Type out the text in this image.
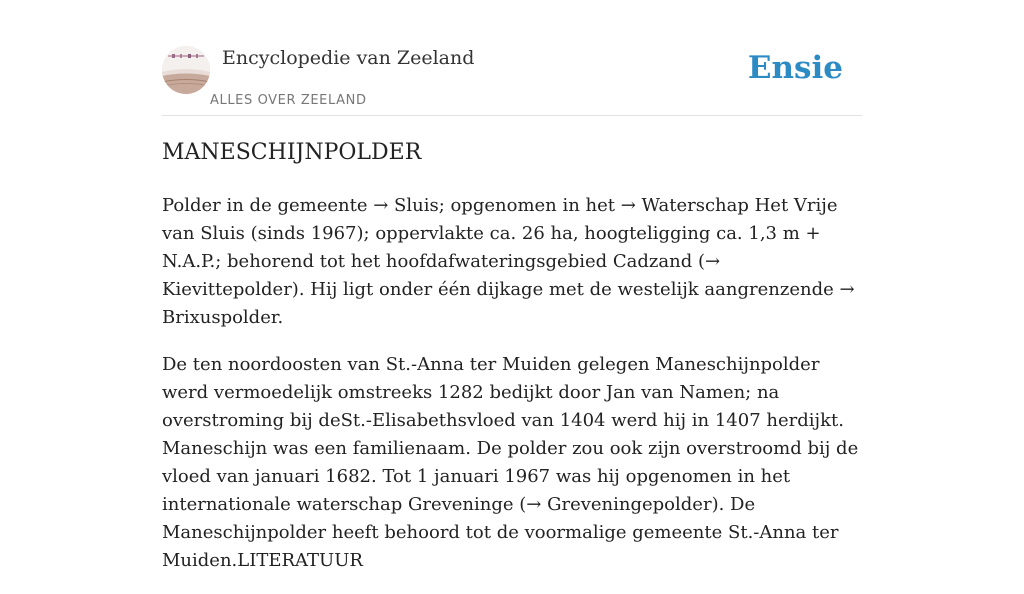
Encyclopedie van Zeeland
ALLES OVER ZEELAND
Ensie
MANESCHIJNPOLDER

Polder in de gemeente → Sluis; opgenomen in het → Waterschap Het Vrije van Sluis (sinds 1967); oppervlakte ca. 26 ha, hoogteligging ca. 1,3 m + N.A.P.; behorend tot het hoofdafwateringsgebied Cadzand (→ Kievittepolder). Hij ligt onder één dijkage met de westelijk aangrenzende → Brixuspolder.

De ten noordoosten van St.-Anna ter Muiden gelegen Maneschijnpolder werd vermoedelijk omstreeks 1282 bedijkt door Jan van Namen; na overstroming bij deSt.-Elisabethsvloed van 1404 werd hij in 1407 herdijkt. Maneschijn was een familienaam. De polder zou ook zijn overstroomd bij de vloed van januari 1682. Tot 1 januari 1967 was hij opgenomen in het internationale waterschap Greveninge (→ Greveningepolder). De Maneschijnpolder heeft behoord tot de voormalige gemeente St.-Anna ter Muiden.LITERATUUR
